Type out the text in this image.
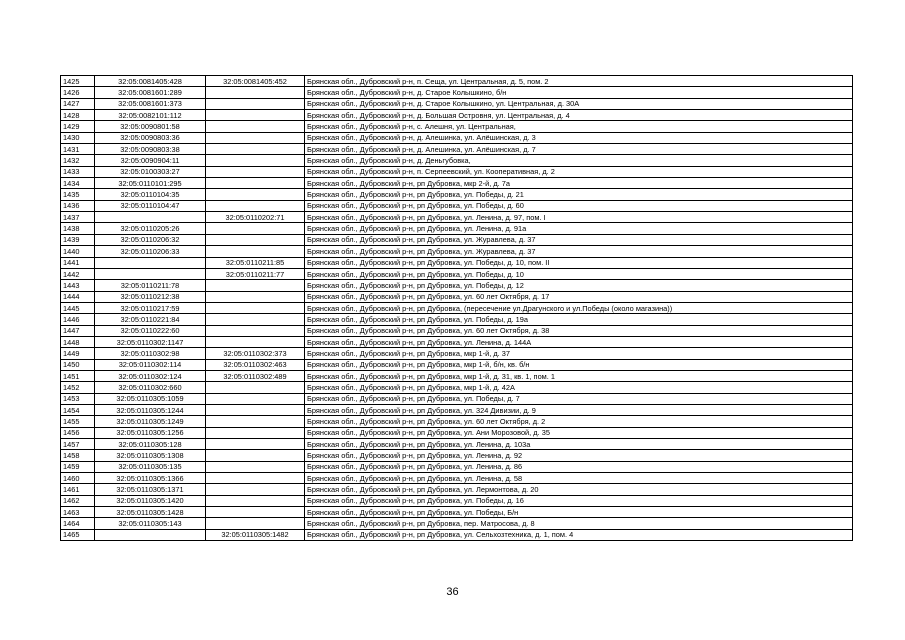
1425	32:05:0081405:428	32:05:0081405:452	Брянская обл., Дубровский р-н, п. Сеща, ул. Центральная, д. 5, пом. 2
1426	32:05:0081601:289		Брянская обл., Дубровский р-н, д. Старое Колышкино, б/н
1427	32:05:0081601:373		Брянская обл., Дубровский р-н, д. Старое Колышкино, ул. Центральная, д. 30А
1428	32:05:0082101:112		Брянская обл., Дубровский р-н, д. Большая Островня, ул. Центральная, д. 4
1429	32:05:0090801:58		Брянская обл., Дубровский р-н, с. Алешня, ул. Центральная,
1430	32:05:0090803:36		Брянская обл., Дубровский р-н, д. Алешинка, ул. Алёшинская, д. 3
1431	32:05:0090803:38		Брянская обл., Дубровский р-н, д. Алешинка, ул. Алёшинская, д. 7
1432	32:05:0090904:11		Брянская обл., Дубровский р-н, д. Деньгубовка,
1433	32:05:0100303:27		Брянская обл., Дубровский р-н, п. Серпеевский, ул. Кооперативная, д. 2
1434	32:05:0110101:295		Брянская обл., Дубровский р-н, рп Дубровка, мкр 2-й, д. 7а
1435	32:05:0110104:35		Брянская обл., Дубровский р-н, рп Дубровка, ул. Победы, д. 21
1436	32:05:0110104:47		Брянская обл., Дубровский р-н, рп Дубровка, ул. Победы, д. 60
1437		32:05:0110202:71	Брянская обл., Дубровский р-н, рп Дубровка, ул. Ленина, д. 97, пом. I
1438	32:05:0110205:26		Брянская обл., Дубровский р-н, рп Дубровка, ул. Ленина, д. 91а
1439	32:05:0110206:32		Брянская обл., Дубровский р-н, рп Дубровка, ул. Журавлева, д. 37
1440	32:05:0110206:33		Брянская обл., Дубровский р-н, рп Дубровка, ул. Журавлева, д. 37
1441		32:05:0110211:85	Брянская обл., Дубровский р-н, рп Дубровка, ул. Победы, д. 10, пом. II
1442		32:05:0110211:77	Брянская обл., Дубровский р-н, рп Дубровка, ул. Победы, д. 10
1443	32:05:0110211:78		Брянская обл., Дубровский р-н, рп Дубровка, ул. Победы, д. 12
1444	32:05:0110212:38		Брянская обл., Дубровский р-н, рп Дубровка, ул. 60 лет Октября, д. 17
1445	32:05:0110217:59		Брянская обл., Дубровский р-н, рп Дубровка, (пересечение ул.Драгунского и ул.Победы (около магазина))
1446	32:05:0110221:84		Брянская обл., Дубровский р-н, рп Дубровка, ул. Победы, д. 19а
1447	32:05:0110222:60		Брянская обл., Дубровский р-н, рп Дубровка, ул. 60 лет Октября, д. 38
1448	32:05:0110302:1147		Брянская обл., Дубровский р-н, рп Дубровка, ул. Ленина, д. 144А
1449	32:05:0110302:98	32:05:0110302:373	Брянская обл., Дубровский р-н, рп Дубровка, мкр 1-й, д. 37
1450	32:05:0110302:114	32:05:0110302:463	Брянская обл., Дубровский р-н, рп Дубровка, мкр 1-й, б/н, кв. б/н
1451	32:05:0110302:124	32:05:0110302:489	Брянская обл., Дубровский р-н, рп Дубровка, мкр 1-й, д. 31, кв. 1, пом. 1
1452	32:05:0110302:660		Брянская обл., Дубровский р-н, рп Дубровка, мкр 1-й, д. 42А
1453	32:05:0110305:1059		Брянская обл., Дубровский р-н, рп Дубровка, ул. Победы, д. 7
1454	32:05:0110305:1244		Брянская обл., Дубровский р-н, рп Дубровка, ул. 324 Дивизии, д. 9
1455	32:05:0110305:1249		Брянская обл., Дубровский р-н, рп Дубровка, ул. 60 лет Октября, д. 2
1456	32:05:0110305:1256		Брянская обл., Дубровский р-н, рп Дубровка, ул. Ани Морозовой, д. 35
1457	32:05:0110305:128		Брянская обл., Дубровский р-н, рп Дубровка, ул. Ленина, д. 103а
1458	32:05:0110305:1308		Брянская обл., Дубровский р-н, рп Дубровка, ул. Ленина, д. 92
1459	32:05:0110305:135		Брянская обл., Дубровский р-н, рп Дубровка, ул. Ленина, д. 86
1460	32:05:0110305:1366		Брянская обл., Дубровский р-н, рп Дубровка, ул. Ленина, д. 58
1461	32:05:0110305:1371		Брянская обл., Дубровский р-н, рп Дубровка, ул. Лермонтова, д. 20
1462	32:05:0110305:1420		Брянская обл., Дубровский р-н, рп Дубровка, ул. Победы, д. 16
1463	32:05:0110305:1428		Брянская обл., Дубровский р-н, рп Дубровка, ул. Победы, Б/н
1464	32:05:0110305:143		Брянская обл., Дубровский р-н, рп Дубровка, пер. Матросова, д. 8
1465		32:05:0110305:1482	Брянская обл., Дубровский р-н, рп Дубровка, ул. Сельхозтехника, д. 1, пом. 4
36
